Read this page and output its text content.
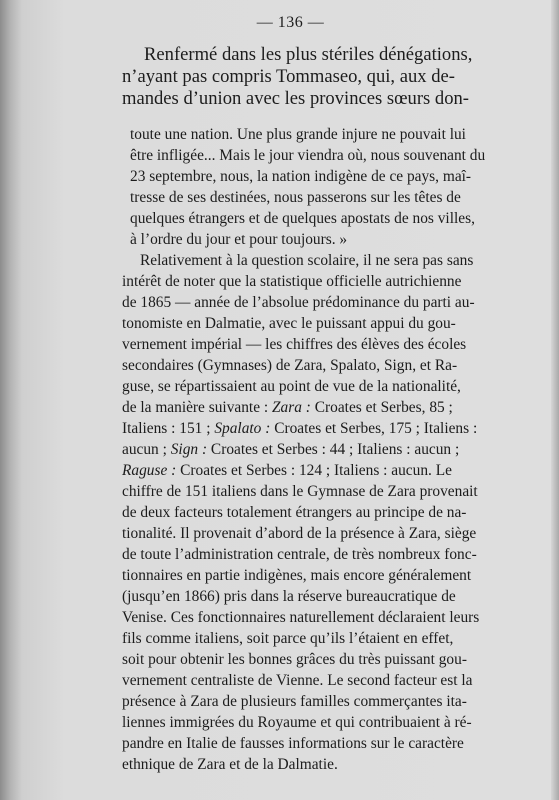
— 136 —
Renfermé dans les plus stériles dénégations,
n’ayant pas compris Tommaseo, qui, aux de-
mandes d’union avec les provinces sœurs don-
toute une nation. Une plus grande injure ne pouvait lui
être infligée... Mais le jour viendra où, nous souvenant du
23 septembre, nous, la nation indigène de ce pays, maî-
tresse de ses destinées, nous passerons sur les têtes de
quelques étrangers et de quelques apostats de nos villes,
à l’ordre du jour et pour toujours. »
Relativement à la question scolaire, il ne sera pas sans
intérêt de noter que la statistique officielle autrichienne
de 1865 — année de l’absolue prédominance du parti au-
tonomiste en Dalmatie, avec le puissant appui du gou-
vernement impérial — les chiffres des élèves des écoles
secondaires (Gymnases) de Zara, Spalato, Sign, et Ra-
guse, se répartissaient au point de vue de la nationalité,
de la manière suivante : Zara : Croates et Serbes, 85 ;
Italiens : 151 ; Spalato : Croates et Serbes, 175 ; Italiens :
aucun ; Sign : Croates et Serbes : 44 ; Italiens : aucun ;
Raguse : Croates et Serbes : 124 ; Italiens : aucun. Le
chiffre de 151 italiens dans le Gymnase de Zara provenait
de deux facteurs totalement étrangers au principe de na-
tionalité. Il provenait d’abord de la présence à Zara, siège
de toute l’administration centrale, de très nombreux fonc-
tionnaires en partie indigènes, mais encore généralement
(jusqu’en 1866) pris dans la réserve bureaucratique de
Venise. Ces fonctionnaires naturellement déclaraient leurs
fils comme italiens, soit parce qu’ils l’étaient en effet,
soit pour obtenir les bonnes grâces du très puissant gou-
vernement centraliste de Vienne. Le second facteur est la
présence à Zara de plusieurs familles commerçantes ita-
liennes immigrées du Royaume et qui contribuaient à ré-
pandre en Italie de fausses informations sur le caractère
ethnique de Zara et de la Dalmatie.
